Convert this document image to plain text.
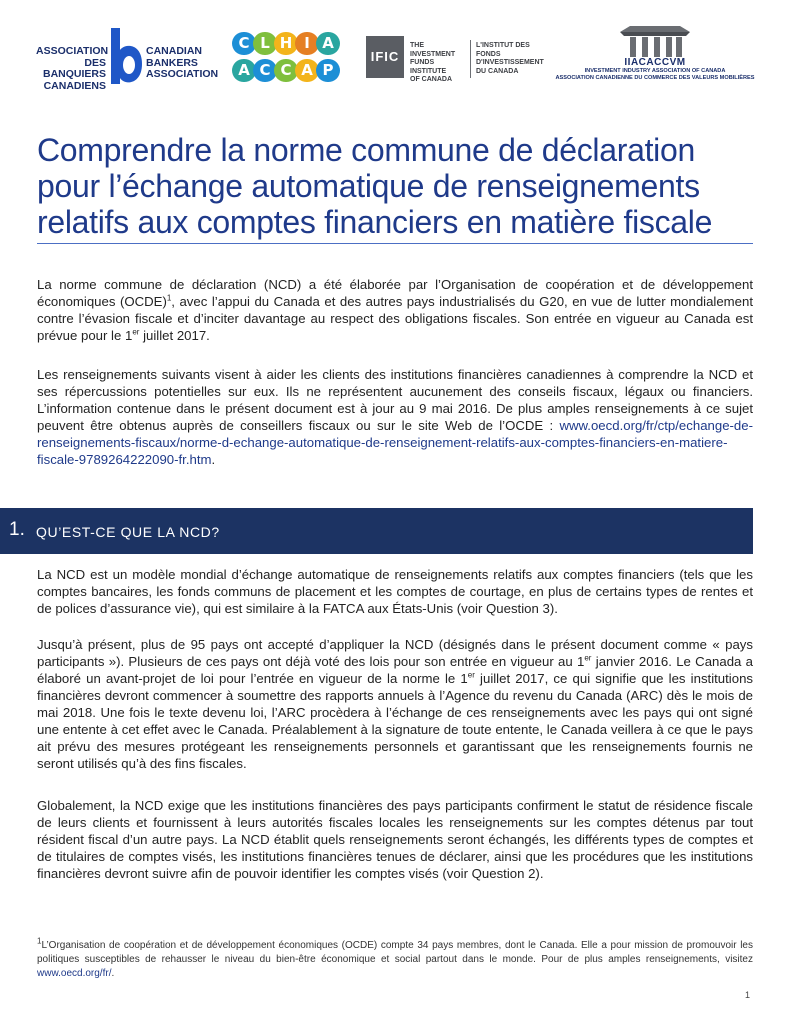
ASSOCIATION
DES BANQUIERS
CANADIENS
CANADIAN
BANKERS
ASSOCIATION
C L H I A
A C C A P
IFIC
THE INVESTMENT
FUNDS INSTITUTE
OF CANADA
L'INSTITUT DES FONDS
D'INVESTISSEMENT
DU CANADA
IIACACCVM
INVESTMENT INDUSTRY ASSOCIATION OF CANADA
ASSOCIATION CANADIENNE DU COMMERCE DES VALEURS MOBILIÈRES
Comprendre la norme commune de déclaration
pour l’échange automatique de renseignements
relatifs aux comptes financiers en matière fiscale

La norme commune de déclaration (NCD) a été élaborée par l’Organisation de coopération et de développement économiques (OCDE)$^1$, avec l’appui du Canada et des autres pays industrialisés du G20, en vue de lutter mondialement contre l’évasion fiscale et d’inciter davantage au respect des obligations fiscales. Son entrée en vigueur au Canada est prévue pour le 1er juillet 2017.

Les renseignements suivants visent à aider les clients des institutions financières canadiennes à comprendre la NCD et ses répercussions potentielles sur eux. Ils ne représentent aucunement des conseils fiscaux, légaux ou financiers. L’information contenue dans le présent document est à jour au 9 mai 2016. De plus amples renseignements à ce sujet peuvent être obtenus auprès de conseillers fiscaux ou sur le site Web de l’OCDE : www.oecd.org/fr/ctp/echange-de-renseignements-fiscaux/norme-d-echange-automatique-de-renseignement-relatifs-aux-comptes-financiers-en-matiere-fiscale-9789264222090-fr.htm.

1. QU’EST-CE QUE LA NCD?

La NCD est un modèle mondial d’échange automatique de renseignements relatifs aux comptes financiers (tels que les comptes bancaires, les fonds communs de placement et les comptes de courtage, en plus de certains types de rentes et de polices d’assurance vie), qui est similaire à la FATCA aux États-Unis (voir Question 3).

Jusqu’à présent, plus de 95 pays ont accepté d’appliquer la NCD (désignés dans le présent document comme « pays participants »). Plusieurs de ces pays ont déjà voté des lois pour son entrée en vigueur au 1er janvier 2016. Le Canada a élaboré un avant-projet de loi pour l’entrée en vigueur de la norme le 1er juillet 2017, ce qui signifie que les institutions financières devront commencer à soumettre des rapports annuels à l’Agence du revenu du Canada (ARC) dès le mois de mai 2018. Une fois le texte devenu loi, l’ARC procèdera à l’échange de ces renseignements avec les pays qui ont signé une entente à cet effet avec le Canada. Préalablement à la signature de toute entente, le Canada veillera à ce que le pays ait prévu des mesures protégeant les renseignements personnels et garantissant que les renseignements fournis ne seront utilisés qu’à des fins fiscales.

Globalement, la NCD exige que les institutions financières des pays participants confirment le statut de résidence fiscale de leurs clients et fournissent à leurs autorités fiscales locales les renseignements sur les comptes détenus par tout résident fiscal d’un autre pays. La NCD établit quels renseignements seront échangés, les différents types de comptes et de titulaires de comptes visés, les institutions financières tenues de déclarer, ainsi que les procédures que les institutions financières devront suivre afin de pouvoir identifier les comptes visés (voir Question 2).

$^1$L’Organisation de coopération et de développement économiques (OCDE) compte 34 pays membres, dont le Canada. Elle a pour mission de promouvoir les politiques susceptibles de rehausser le niveau du bien-être économique et social partout dans le monde. Pour de plus amples renseignements, visitez www.oecd.org/fr/.

1
